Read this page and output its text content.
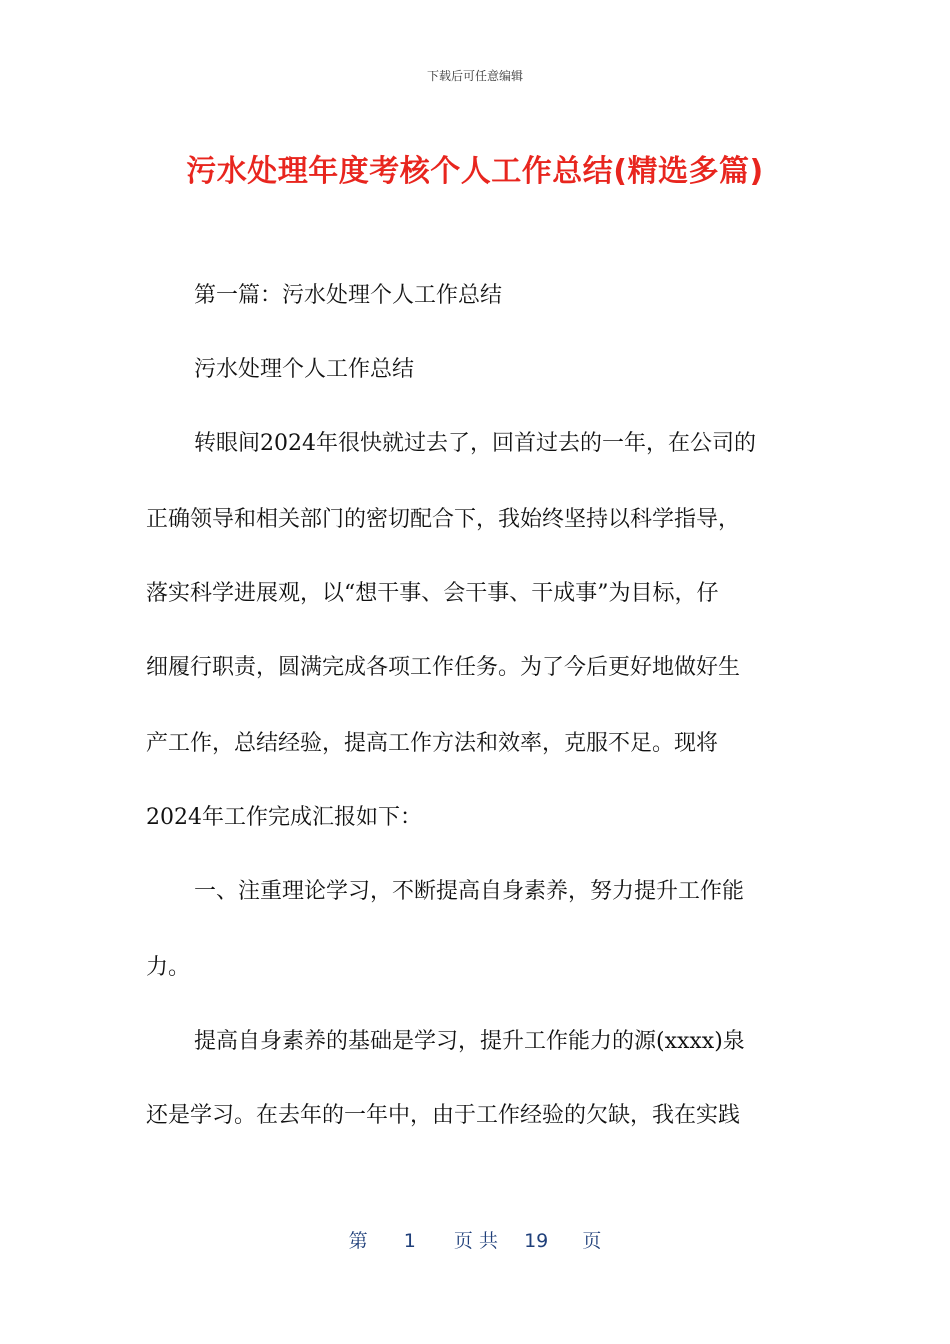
下载后可任意编辑
污水处理年度考核个人工作总结(精选多篇)
第一篇：污水处理个人工作总结
污水处理个人工作总结
转眼间2024年很快就过去了，回首过去的一年，在公司的
正确领导和相关部门的密切配合下，我始终坚持以科学指导，
落实科学进展观，以“想干事、会干事、干成事”为目标，仔
细履行职责，圆满完成各项工作任务。为了今后更好地做好生
产工作，总结经验，提高工作方法和效率，克服不足。现将
2024年工作完成汇报如下：
一、注重理论学习，不断提高自身素养，努力提升工作能
力。
提高自身素养的基础是学习，提升工作能力的源(xxxx)泉
还是学习。在去年的一年中，由于工作经验的欠缺，我在实践
第 1 页 共 19 页
